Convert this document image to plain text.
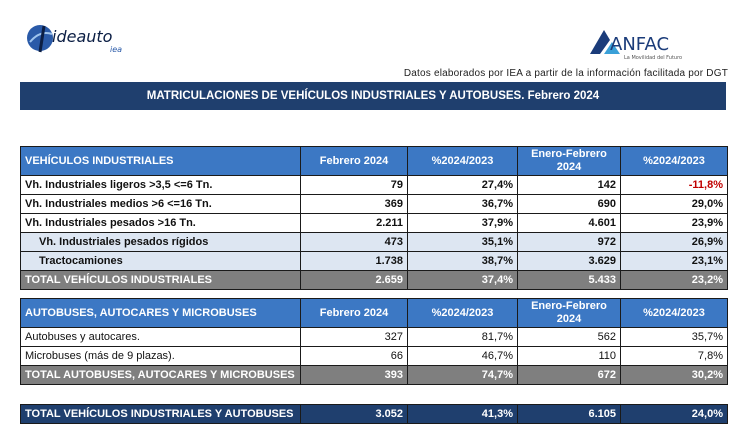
ideauto
iea	ANFAC
La Movilidad del Futuro
Datos elaborados por IEA a partir de la información facilitada por DGT
MATRICULACIONES DE VEHÍCULOS INDUSTRIALES Y AUTOBUSES. Febrero 2024
VEHÍCULOS INDUSTRIALES	Febrero 2024	%2024/2023	Enero-Febrero 2024	%2024/2023
Vh. Industriales ligeros >3,5 <=6 Tn.	79	27,4%	142	-11,8%
Vh. Industriales medios >6 <=16 Tn.	369	36,7%	690	29,0%
Vh. Industriales pesados >16 Tn.	2.211	37,9%	4.601	23,9%
Vh. Industriales pesados rígidos	473	35,1%	972	26,9%
Tractocamiones	1.738	38,7%	3.629	23,1%
TOTAL VEHÍCULOS INDUSTRIALES	2.659	37,4%	5.433	23,2%
AUTOBUSES, AUTOCARES Y MICROBUSES	Febrero 2024	%2024/2023	Enero-Febrero 2024	%2024/2023
Autobuses y autocares.	327	81,7%	562	35,7%
Microbuses (más de 9 plazas).	66	46,7%	110	7,8%
TOTAL AUTOBUSES, AUTOCARES Y MICROBUSES	393	74,7%	672	30,2%
TOTAL VEHÍCULOS INDUSTRIALES Y AUTOBUSES	3.052	41,3%	6.105	24,0%
